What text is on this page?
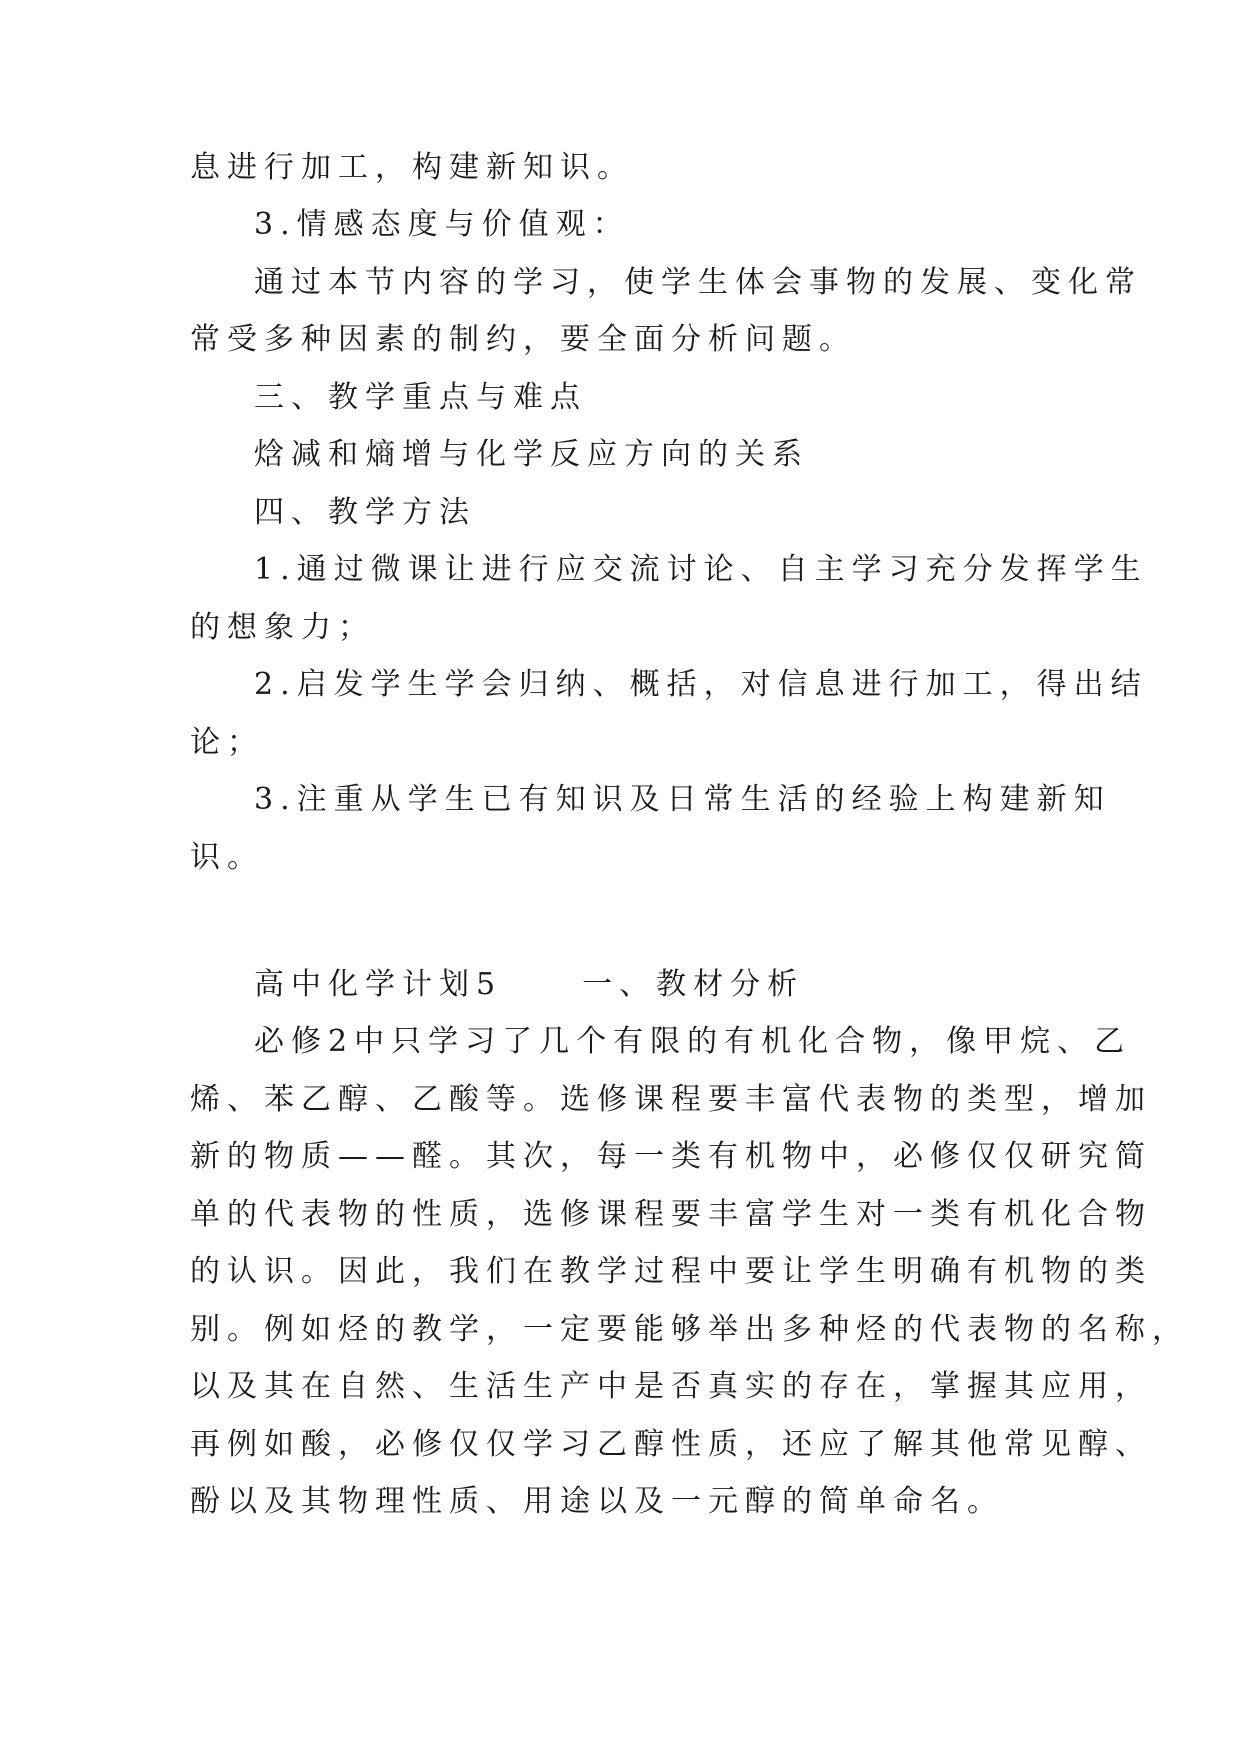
息进行加工，构建新知识。
3.情感态度与价值观：
通过本节内容的学习，使学生体会事物的发展、变化常
常受多种因素的制约，要全面分析问题。
三、教学重点与难点
焓减和熵增与化学反应方向的关系
四、教学方法
1.通过微课让进行应交流讨论、自主学习充分发挥学生
的想象力；
2.启发学生学会归纳、概括，对信息进行加工，得出结
论；
3.注重从学生已有知识及日常生活的经验上构建新知
识。
高中化学计划5	一、教材分析
必修2中只学习了几个有限的有机化合物，像甲烷、乙
烯、苯乙醇、乙酸等。选修课程要丰富代表物的类型，增加
新的物质——醛。其次，每一类有机物中，必修仅仅研究简
单的代表物的性质，选修课程要丰富学生对一类有机化合物
的认识。因此，我们在教学过程中要让学生明确有机物的类
别。例如烃的教学，一定要能够举出多种烃的代表物的名称，
以及其在自然、生活生产中是否真实的存在，掌握其应用，
再例如酸，必修仅仅学习乙醇性质，还应了解其他常见醇、
酚以及其物理性质、用途以及一元醇的简单命名。
